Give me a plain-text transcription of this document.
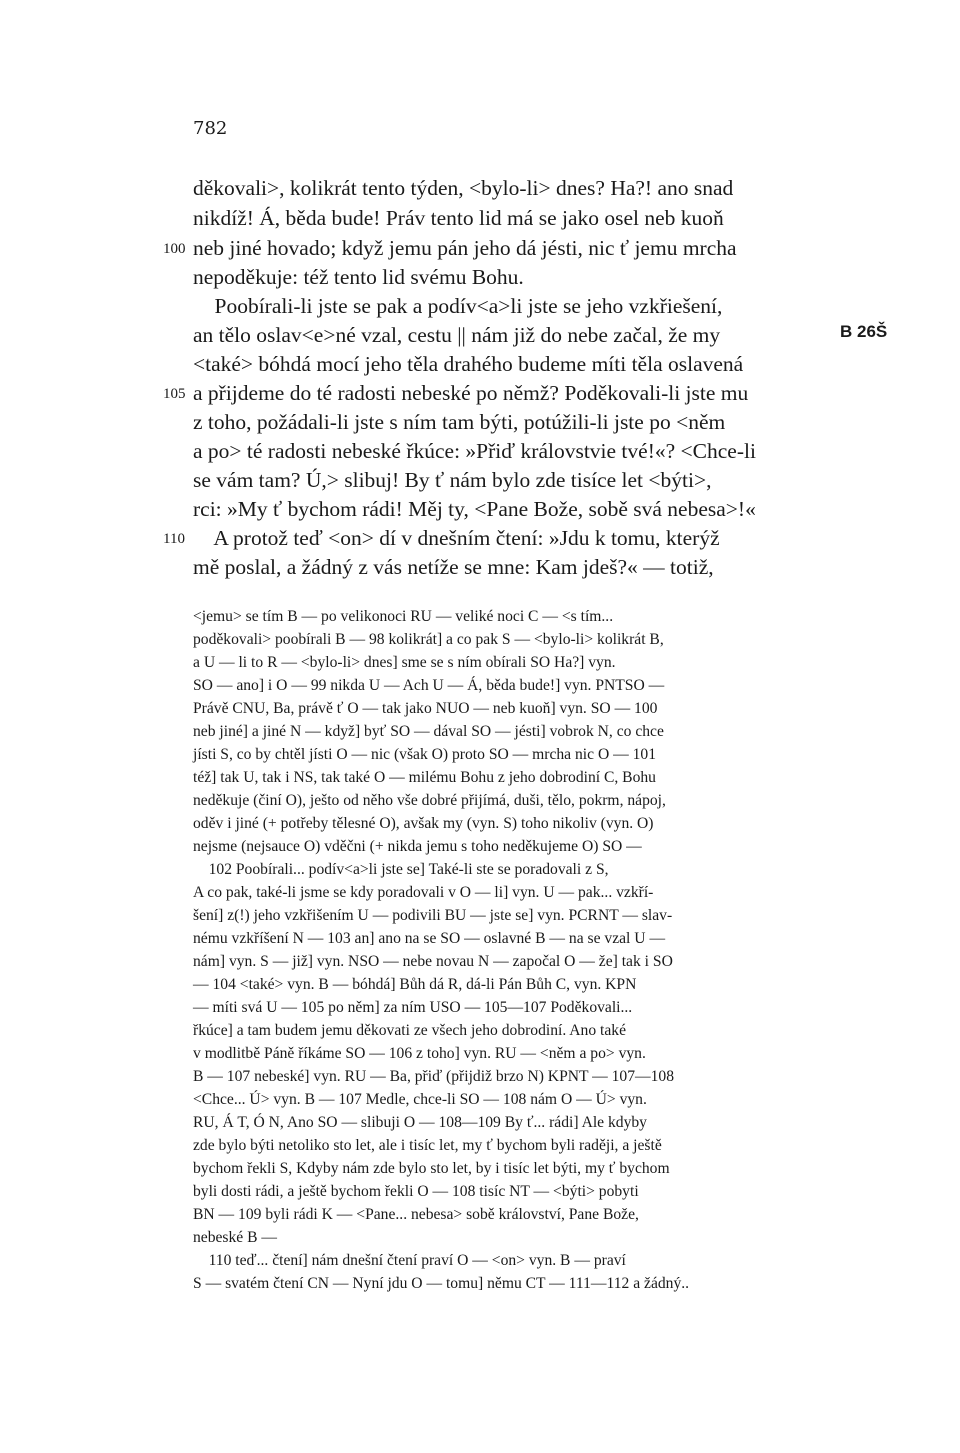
782
děkovali>, kolikrát tento týden, <bylo-li> dnes? Ha?! ano snad
nikdíž! Á, běda bude! Práv tento lid má se jako osel neb kuoň
neb jiné hovado; když jemu pán jeho dá jésti, nic ť jemu mrcha
nepoděkuje: též tento lid svému Bohu.
Poobírali-li jste se pak a podív<a>li jste se jeho vzkřiešení,
an tělo oslav<e>né vzal, cestu || nám již do nebe začal, že my
<také> bóhdá mocí jeho těla drahého budeme míti těla oslavená
a přijdeme do té radosti nebeské po němž? Poděkovali-li jste mu
z toho, požádali-li jste s ním tam býti, potúžili-li jste po <něm
a po> té radosti nebeské řkúce: »Přiď královstvie tvé!«? <Chce-li
se vám tam? Ú,> slibuj! By ť nám bylo zde tisíce let <býti>,
rci: »My ť bychom rádi! Měj ty, <Pane Bože, sobě svá nebesa>!«
A protož teď <on> dí v dnešním čtení: »Jdu k tomu, kterýž
mě poslal, a žádný z vás netíže se mne: Kam jdeš?« — totiž,
100
105
110
B 26Š
<jemu> se tím B — po velikonoci RU — veliké noci C — <s tím...
poděkovali> poobírali B — 98 kolikrát] a co pak S — <bylo-li> kolikrát B,
a U — li to R — <bylo-li> dnes] sme se s ním obírali SO Ha?] vyn.
SO — ano] i O — 99 nikda U — Ach U — Á, běda bude!] vyn. PNTSO —
Právě CNU, Ba, právě ť O — tak jako NUO — neb kuoň] vyn. SO — 100
neb jiné] a jiné N — když] byť SO — dával SO — jésti] vobrok N, co chce
jísti S, co by chtěl jísti O — nic (však O) proto SO — mrcha nic O — 101
též] tak U, tak i NS, tak také O — milému Bohu z jeho dobrodiní C, Bohu
neděkuje (činí O), ješto od něho vše dobré přijímá, duši, tělo, pokrm, nápoj,
oděv i jiné (+ potřeby tělesné O), avšak my (vyn. S) toho nikoliv (vyn. O)
nejsme (nejsauce O) vděčni (+ nikda jemu s toho neděkujeme O) SO —
102 Poobírali... podív<a>li jste se] Také-li ste se poradovali z S,
A co pak, také-li jsme se kdy poradovali v O — li] vyn. U — pak... vzkří-
šení] z(!) jeho vzkřišením U — podivili BU — jste se] vyn. PCRNT — slav-
nému vzkříšení N — 103 an] ano na se SO — oslavné B — na se vzal U —
nám] vyn. S — již] vyn. NSO — nebe novau N — započal O — že] tak i SO
— 104 <také> vyn. B — bóhdá] Bůh dá R, dá-li Pán Bůh C, vyn. KPN
— míti svá U — 105 po něm] za ním USO — 105—107 Poděkovali...
řkúce] a tam budem jemu děkovati ze všech jeho dobrodiní. Ano také
v modlitbě Páně říkáme SO — 106 z toho] vyn. RU — <něm a po> vyn.
B — 107 nebeské] vyn. RU — Ba, přiď (přijdiž brzo N) KPNT — 107—108
<Chce... Ú> vyn. B — 107 Medle, chce-li SO — 108 nám O — Ú> vyn.
RU, Á T, Ó N, Ano SO — slibuji O — 108—109 By ť... rádi] Ale kdyby
zde bylo býti netoliko sto let, ale i tisíc let, my ť bychom byli raději, a ještě
bychom řekli S, Kdyby nám zde bylo sto let, by i tisíc let býti, my ť bychom
byli dosti rádi, a ještě bychom řekli O — 108 tisíc NT — <býti> pobyti
BN — 109 byli rádi K — <Pane... nebesa> sobě království, Pane Bože,
nebeské B —
110 teď... čtení] nám dnešní čtení praví O — <on> vyn. B — praví
S — svatém čtení CN — Nyní jdu O — tomu] němu CT — 111—112 a žádný..
